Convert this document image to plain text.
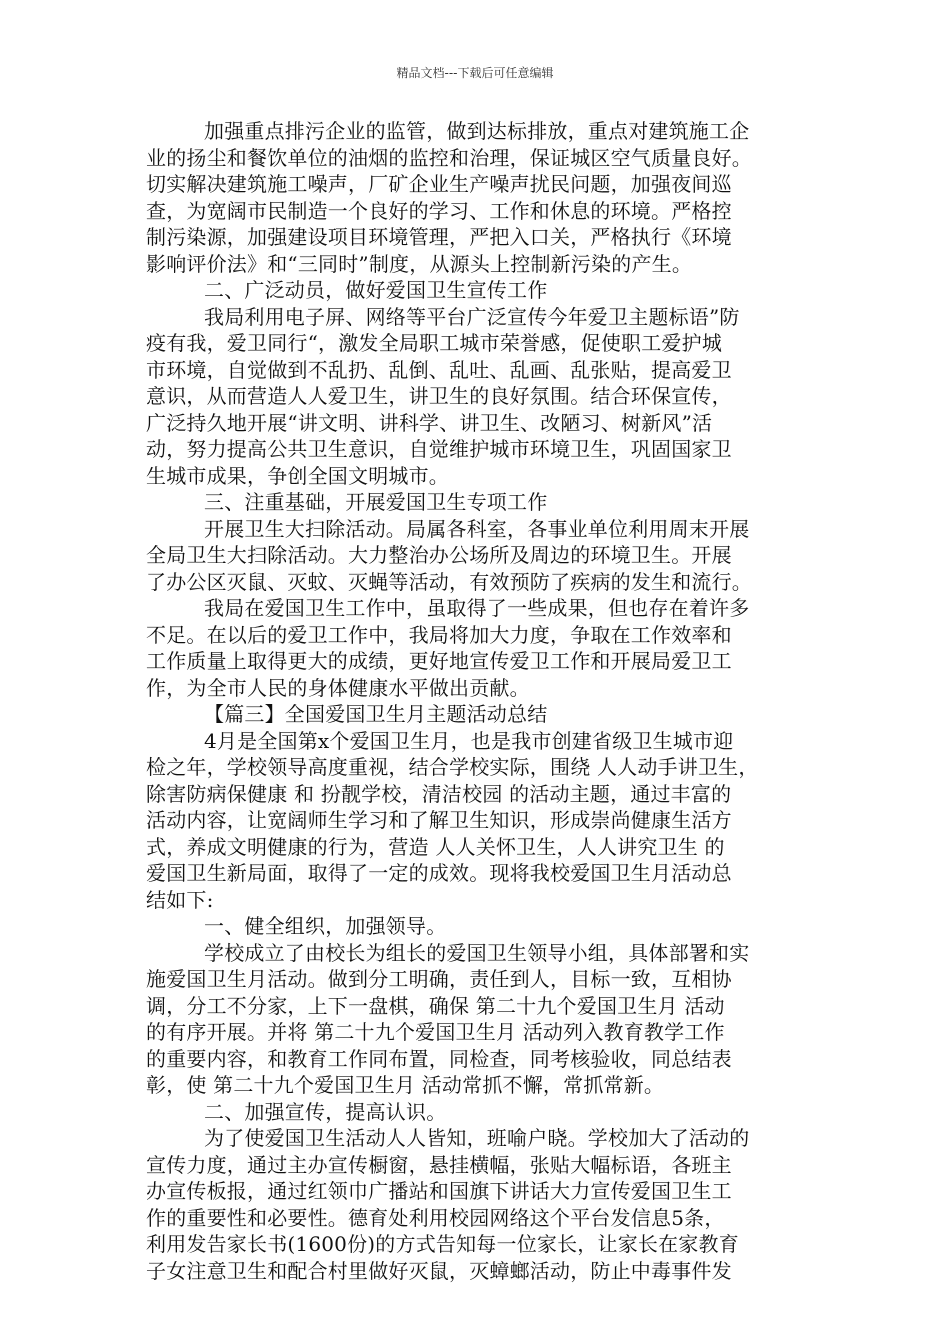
精品文档---下载后可任意编辑
加强重点排污企业的监管，做到达标排放，重点对建筑施工企
业的扬尘和餐饮单位的油烟的监控和治理，保证城区空气质量良好。
切实解决建筑施工噪声，厂矿企业生产噪声扰民问题，加强夜间巡
查，为宽阔市民制造一个良好的学习、工作和休息的环境。严格控
制污染源，加强建设项目环境管理，严把入口关，严格执行《环境
影响评价法》和“三同时”制度，从源头上控制新污染的产生。
二、广泛动员，做好爱国卫生宣传工作
我局利用电子屏、网络等平台广泛宣传今年爱卫主题标语”防
疫有我，爱卫同行“，激发全局职工城市荣誉感，促使职工爱护城
市环境，自觉做到不乱扔、乱倒、乱吐、乱画、乱张贴，提高爱卫
意识，从而营造人人爱卫生，讲卫生的良好氛围。结合环保宣传，
广泛持久地开展“讲文明、讲科学、讲卫生、改陋习、树新风”活
动，努力提高公共卫生意识，自觉维护城市环境卫生，巩固国家卫
生城市成果，争创全国文明城市。
三、注重基础，开展爱国卫生专项工作
开展卫生大扫除活动。局属各科室，各事业单位利用周末开展
全局卫生大扫除活动。大力整治办公场所及周边的环境卫生。开展
了办公区灭鼠、灭蚊、灭蝇等活动，有效预防了疾病的发生和流行。
我局在爱国卫生工作中，虽取得了一些成果，但也存在着许多
不足。在以后的爱卫工作中，我局将加大力度，争取在工作效率和
工作质量上取得更大的成绩，更好地宣传爱卫工作和开展局爱卫工
作，为全市人民的身体健康水平做出贡献。
【篇三】全国爱国卫生月主题活动总结
4月是全国第x个爱国卫生月，也是我市创建省级卫生城市迎
检之年，学校领导高度重视，结合学校实际，围绕 人人动手讲卫生，
除害防病保健康 和 扮靓学校，清洁校园 的活动主题，通过丰富的
活动内容，让宽阔师生学习和了解卫生知识，形成崇尚健康生活方
式，养成文明健康的行为，营造 人人关怀卫生，人人讲究卫生 的
爱国卫生新局面，取得了一定的成效。现将我校爱国卫生月活动总
结如下:
一、健全组织，加强领导。
学校成立了由校长为组长的爱国卫生领导小组，具体部署和实
施爱国卫生月活动。做到分工明确，责任到人，目标一致，互相协
调，分工不分家，上下一盘棋，确保 第二十九个爱国卫生月 活动
的有序开展。并将 第二十九个爱国卫生月 活动列入教育教学工作
的重要内容，和教育工作同布置，同检查，同考核验收，同总结表
彰，使 第二十九个爱国卫生月 活动常抓不懈，常抓常新。
二、加强宣传，提高认识。
为了使爱国卫生活动人人皆知，班喻户晓。学校加大了活动的
宣传力度，通过主办宣传橱窗，悬挂横幅，张贴大幅标语，各班主
办宣传板报，通过红领巾广播站和国旗下讲话大力宣传爱国卫生工
作的重要性和必要性。德育处利用校园网络这个平台发信息5条，
利用发告家长书(1600份)的方式告知每一位家长，让家长在家教育
子女注意卫生和配合村里做好灭鼠，灭蟑螂活动，防止中毒事件发
